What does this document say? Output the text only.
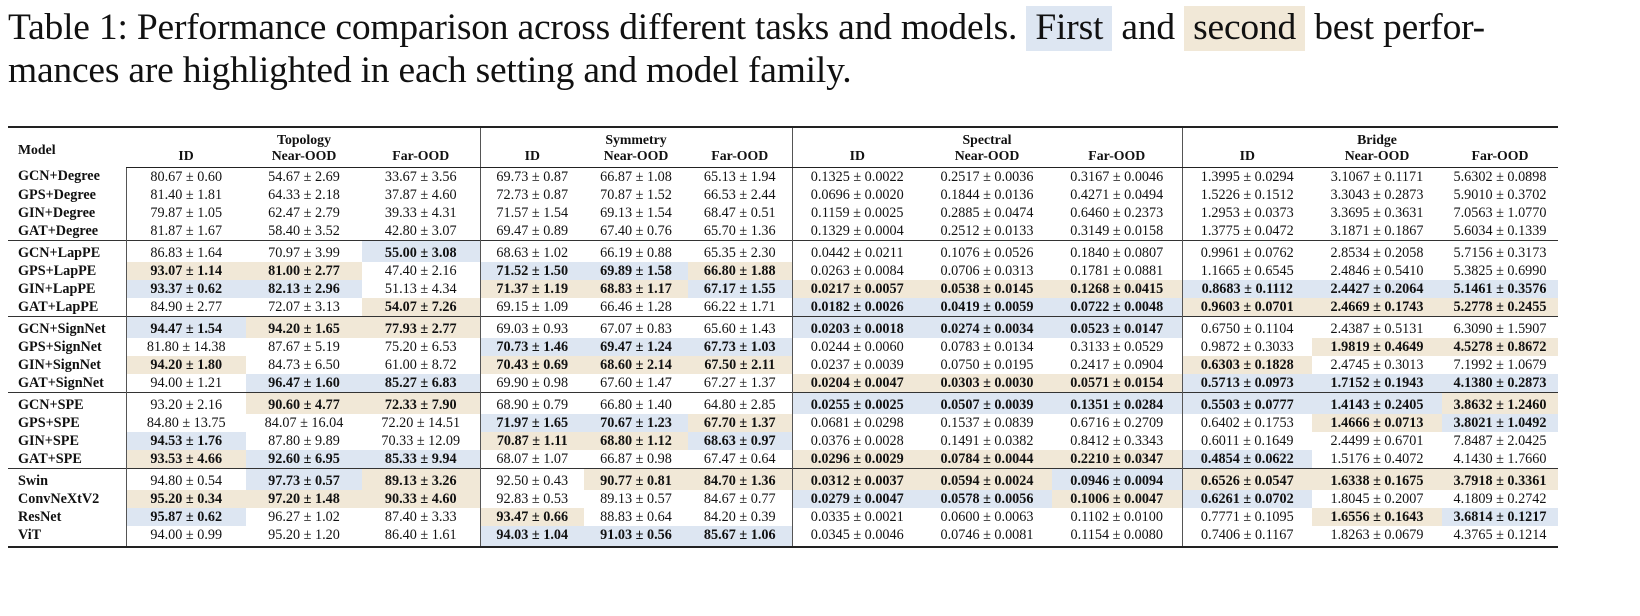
Table 1: Performance comparison across different tasks and models. First and second best perfor-
mances are highlighted in each setting and model family.
Model		Topology			Symmetry			Spectral			Bridge	
	ID	Near-OOD	Far-OOD	ID	Near-OOD	Far-OOD	ID	Near-OOD	Far-OOD	ID	Near-OOD	Far-OOD
GCN+Degree	80.67 ± 0.60	54.67 ± 2.69	33.67 ± 3.56	69.73 ± 0.87	66.87 ± 1.08	65.13 ± 1.94	0.1325 ± 0.0022	0.2517 ± 0.0036	0.3167 ± 0.0046	1.3995 ± 0.0294	3.1067 ± 0.1171	5.6302 ± 0.0898
GPS+Degree	81.40 ± 1.81	64.33 ± 2.18	37.87 ± 4.60	72.73 ± 0.87	70.87 ± 1.52	66.53 ± 2.44	0.0696 ± 0.0020	0.1844 ± 0.0136	0.4271 ± 0.0494	1.5226 ± 0.1512	3.3043 ± 0.2873	5.9010 ± 0.3702
GIN+Degree	79.87 ± 1.05	62.47 ± 2.79	39.33 ± 4.31	71.57 ± 1.54	69.13 ± 1.54	68.47 ± 0.51	0.1159 ± 0.0025	0.2885 ± 0.0474	0.6460 ± 0.2373	1.2953 ± 0.0373	3.3695 ± 0.3631	7.0563 ± 1.0770
GAT+Degree	81.87 ± 1.67	58.40 ± 3.52	42.80 ± 3.07	69.47 ± 0.89	67.40 ± 0.76	65.70 ± 1.36	0.1329 ± 0.0004	0.2512 ± 0.0133	0.3149 ± 0.0158	1.3775 ± 0.0472	3.1871 ± 0.1867	5.6034 ± 0.1339
GCN+LapPE	86.83 ± 1.64	70.97 ± 3.99	55.00 ± 3.08	68.63 ± 1.02	66.19 ± 0.88	65.35 ± 2.30	0.0442 ± 0.0211	0.1076 ± 0.0526	0.1840 ± 0.0807	0.9961 ± 0.0762	2.8534 ± 0.2058	5.7156 ± 0.3173
GPS+LapPE	93.07 ± 1.14	81.00 ± 2.77	47.40 ± 2.16	71.52 ± 1.50	69.89 ± 1.58	66.80 ± 1.88	0.0263 ± 0.0084	0.0706 ± 0.0313	0.1781 ± 0.0881	1.1665 ± 0.6545	2.4846 ± 0.5410	5.3825 ± 0.6990
GIN+LapPE	93.37 ± 0.62	82.13 ± 2.96	51.13 ± 4.34	71.37 ± 1.19	68.83 ± 1.17	67.17 ± 1.55	0.0217 ± 0.0057	0.0538 ± 0.0145	0.1268 ± 0.0415	0.8683 ± 0.1112	2.4427 ± 0.2064	5.1461 ± 0.3576
GAT+LapPE	84.90 ± 2.77	72.07 ± 3.13	54.07 ± 7.26	69.15 ± 1.09	66.46 ± 1.28	66.22 ± 1.71	0.0182 ± 0.0026	0.0419 ± 0.0059	0.0722 ± 0.0048	0.9603 ± 0.0701	2.4669 ± 0.1743	5.2778 ± 0.2455
GCN+SignNet	94.47 ± 1.54	94.20 ± 1.65	77.93 ± 2.77	69.03 ± 0.93	67.07 ± 0.83	65.60 ± 1.43	0.0203 ± 0.0018	0.0274 ± 0.0034	0.0523 ± 0.0147	0.6750 ± 0.1104	2.4387 ± 0.5131	6.3090 ± 1.5907
GPS+SignNet	81.80 ± 14.38	87.67 ± 5.19	75.20 ± 6.53	70.73 ± 1.46	69.47 ± 1.24	67.73 ± 1.03	0.0244 ± 0.0060	0.0783 ± 0.0134	0.3133 ± 0.0529	0.9872 ± 0.3033	1.9819 ± 0.4649	4.5278 ± 0.8672
GIN+SignNet	94.20 ± 1.80	84.73 ± 6.50	61.00 ± 8.72	70.43 ± 0.69	68.60 ± 2.14	67.50 ± 2.11	0.0237 ± 0.0039	0.0750 ± 0.0195	0.2417 ± 0.0904	0.6303 ± 0.1828	2.4745 ± 0.3013	7.1992 ± 1.0679
GAT+SignNet	94.00 ± 1.21	96.47 ± 1.60	85.27 ± 6.83	69.90 ± 0.98	67.60 ± 1.47	67.27 ± 1.37	0.0204 ± 0.0047	0.0303 ± 0.0030	0.0571 ± 0.0154	0.5713 ± 0.0973	1.7152 ± 0.1943	4.1380 ± 0.2873
GCN+SPE	93.20 ± 2.16	90.60 ± 4.77	72.33 ± 7.90	68.90 ± 0.79	66.80 ± 1.40	64.80 ± 2.85	0.0255 ± 0.0025	0.0507 ± 0.0039	0.1351 ± 0.0284	0.5503 ± 0.0777	1.4143 ± 0.2405	3.8632 ± 1.2460
GPS+SPE	84.80 ± 13.75	84.07 ± 16.04	72.20 ± 14.51	71.97 ± 1.65	70.67 ± 1.23	67.70 ± 1.37	0.0681 ± 0.0298	0.1537 ± 0.0839	0.6716 ± 0.2709	0.6402 ± 0.1753	1.4666 ± 0.0713	3.8021 ± 1.0492
GIN+SPE	94.53 ± 1.76	87.80 ± 9.89	70.33 ± 12.09	70.87 ± 1.11	68.80 ± 1.12	68.63 ± 0.97	0.0376 ± 0.0028	0.1491 ± 0.0382	0.8412 ± 0.3343	0.6011 ± 0.1649	2.4499 ± 0.6701	7.8487 ± 2.0425
GAT+SPE	93.53 ± 4.66	92.60 ± 6.95	85.33 ± 9.94	68.07 ± 1.07	66.87 ± 0.98	67.47 ± 0.64	0.0296 ± 0.0029	0.0784 ± 0.0044	0.2210 ± 0.0347	0.4854 ± 0.0622	1.5176 ± 0.4072	4.1430 ± 1.7660
Swin	94.80 ± 0.54	97.73 ± 0.57	89.13 ± 3.26	92.50 ± 0.43	90.77 ± 0.81	84.70 ± 1.36	0.0312 ± 0.0037	0.0594 ± 0.0024	0.0946 ± 0.0094	0.6526 ± 0.0547	1.6338 ± 0.1675	3.7918 ± 0.3361
ConvNeXtV2	95.20 ± 0.34	97.20 ± 1.48	90.33 ± 4.60	92.83 ± 0.53	89.13 ± 0.57	84.67 ± 0.77	0.0279 ± 0.0047	0.0578 ± 0.0056	0.1006 ± 0.0047	0.6261 ± 0.0702	1.8045 ± 0.2007	4.1809 ± 0.2742
ResNet	95.87 ± 0.62	96.27 ± 1.02	87.40 ± 3.33	93.47 ± 0.66	88.83 ± 0.64	84.20 ± 0.39	0.0335 ± 0.0021	0.0600 ± 0.0063	0.1102 ± 0.0100	0.7771 ± 0.1095	1.6556 ± 0.1643	3.6814 ± 0.1217
ViT	94.00 ± 0.99	95.20 ± 1.20	86.40 ± 1.61	94.03 ± 1.04	91.03 ± 0.56	85.67 ± 1.06	0.0345 ± 0.0046	0.0746 ± 0.0081	0.1154 ± 0.0080	0.7406 ± 0.1167	1.8263 ± 0.0679	4.3765 ± 0.1214
